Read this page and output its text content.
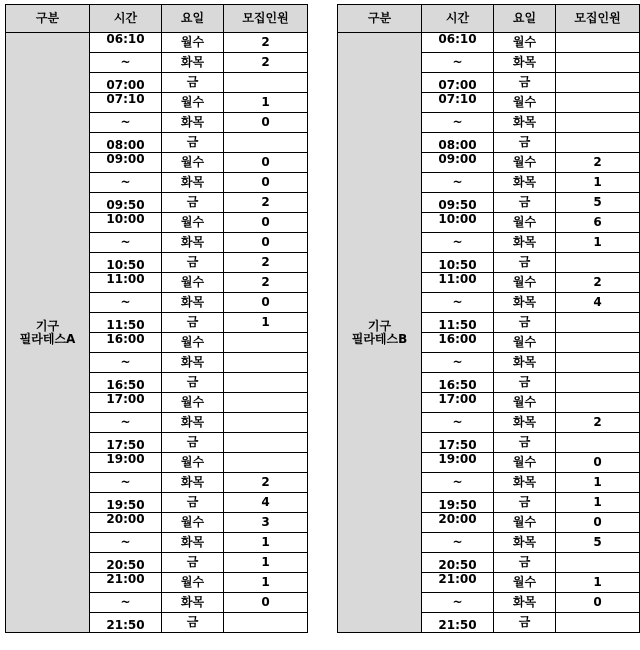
구분	시간	요일	모집인원

기구
필라테스A	06:10	월수	2
	~	화목	2
	07:00	금	
	07:10	월수	1
	~	화목	0
	08:00	금	
	09:00	월수	0
	~	화목	0
	09:50	금	2
	10:00	월수	0
	~	화목	0
	10:50	금	2
	11:00	월수	2
	~	화목	0
	11:50	금	1
	16:00	월수	
	~	화목	
	16:50	금	
	17:00	월수	
	~	화목	
	17:50	금	
	19:00	월수	
	~	화목	2
	19:50	금	4
	20:00	월수	3
	~	화목	1
	20:50	금	1
	21:00	월수	1
	~	화목	0
	21:50	금	
구분	시간	요일	모집인원

기구
필라테스B	06:10	월수	
	~	화목	
	07:00	금	
	07:10	월수	
	~	화목	
	08:00	금	
	09:00	월수	2
	~	화목	1
	09:50	금	5
	10:00	월수	6
	~	화목	1
	10:50	금	
	11:00	월수	2
	~	화목	4
	11:50	금	
	16:00	월수	
	~	화목	
	16:50	금	
	17:00	월수	
	~	화목	2
	17:50	금	
	19:00	월수	0
	~	화목	1
	19:50	금	1
	20:00	월수	0
	~	화목	5
	20:50	금	
	21:00	월수	1
	~	화목	0
	21:50	금	
